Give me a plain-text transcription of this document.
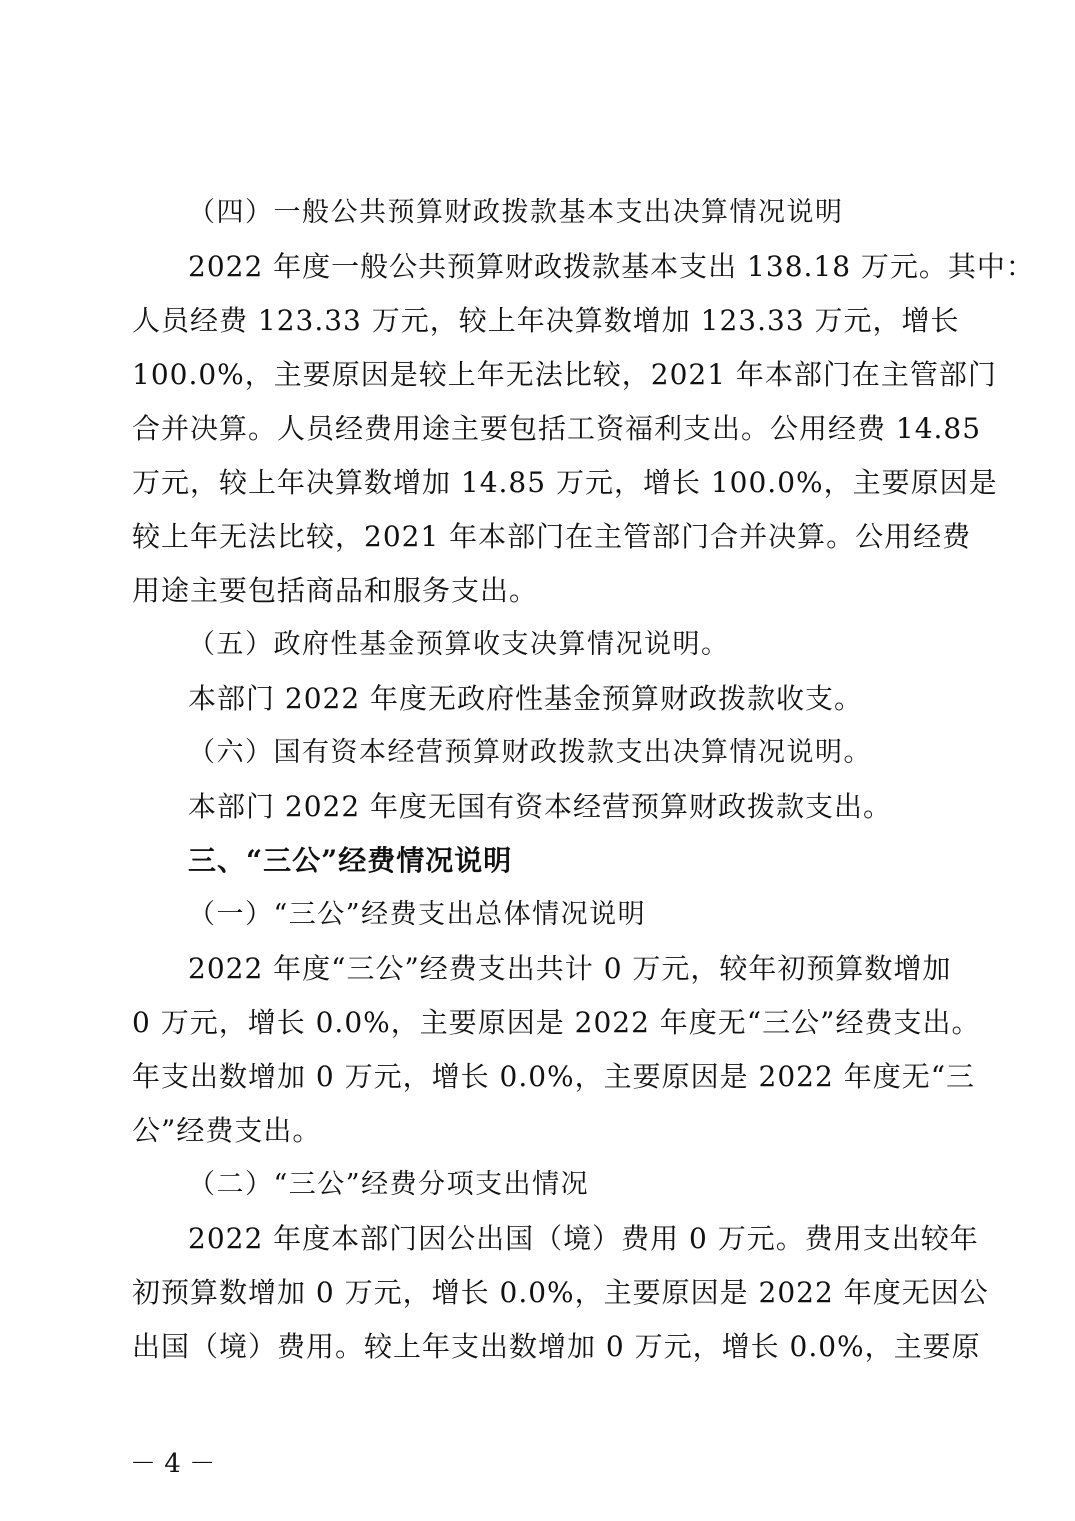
（四）一般公共预算财政拨款基本支出决算情况说明
2022 年度一般公共预算财政拨款基本支出 138.18 万元。其中：
人员经费 123.33 万元，较上年决算数增加 123.33 万元，增长
100.0%，主要原因是较上年无法比较，2021 年本部门在主管部门
合并决算。人员经费用途主要包括工资福利支出。公用经费 14.85
万元，较上年决算数增加 14.85 万元，增长 100.0%，主要原因是
较上年无法比较，2021 年本部门在主管部门合并决算。公用经费
用途主要包括商品和服务支出。
（五）政府性基金预算收支决算情况说明。
本部门 2022 年度无政府性基金预算财政拨款收支。
（六）国有资本经营预算财政拨款支出决算情况说明。
本部门 2022 年度无国有资本经营预算财政拨款支出。
三、“三公”经费情况说明
（一）“三公”经费支出总体情况说明
2022 年度“三公”经费支出共计 0 万元，较年初预算数增加
0 万元，增长 0.0%，主要原因是 2022 年度无“三公”经费支出。
年支出数增加 0 万元，增长 0.0%，主要原因是 2022 年度无“三
公”经费支出。
（二）“三公”经费分项支出情况
2022 年度本部门因公出国（境）费用 0 万元。费用支出较年
初预算数增加 0 万元，增长 0.0%，主要原因是 2022 年度无因公
出国（境）费用。较上年支出数增加 0 万元，增长 0.0%，主要原
－ 4 －
